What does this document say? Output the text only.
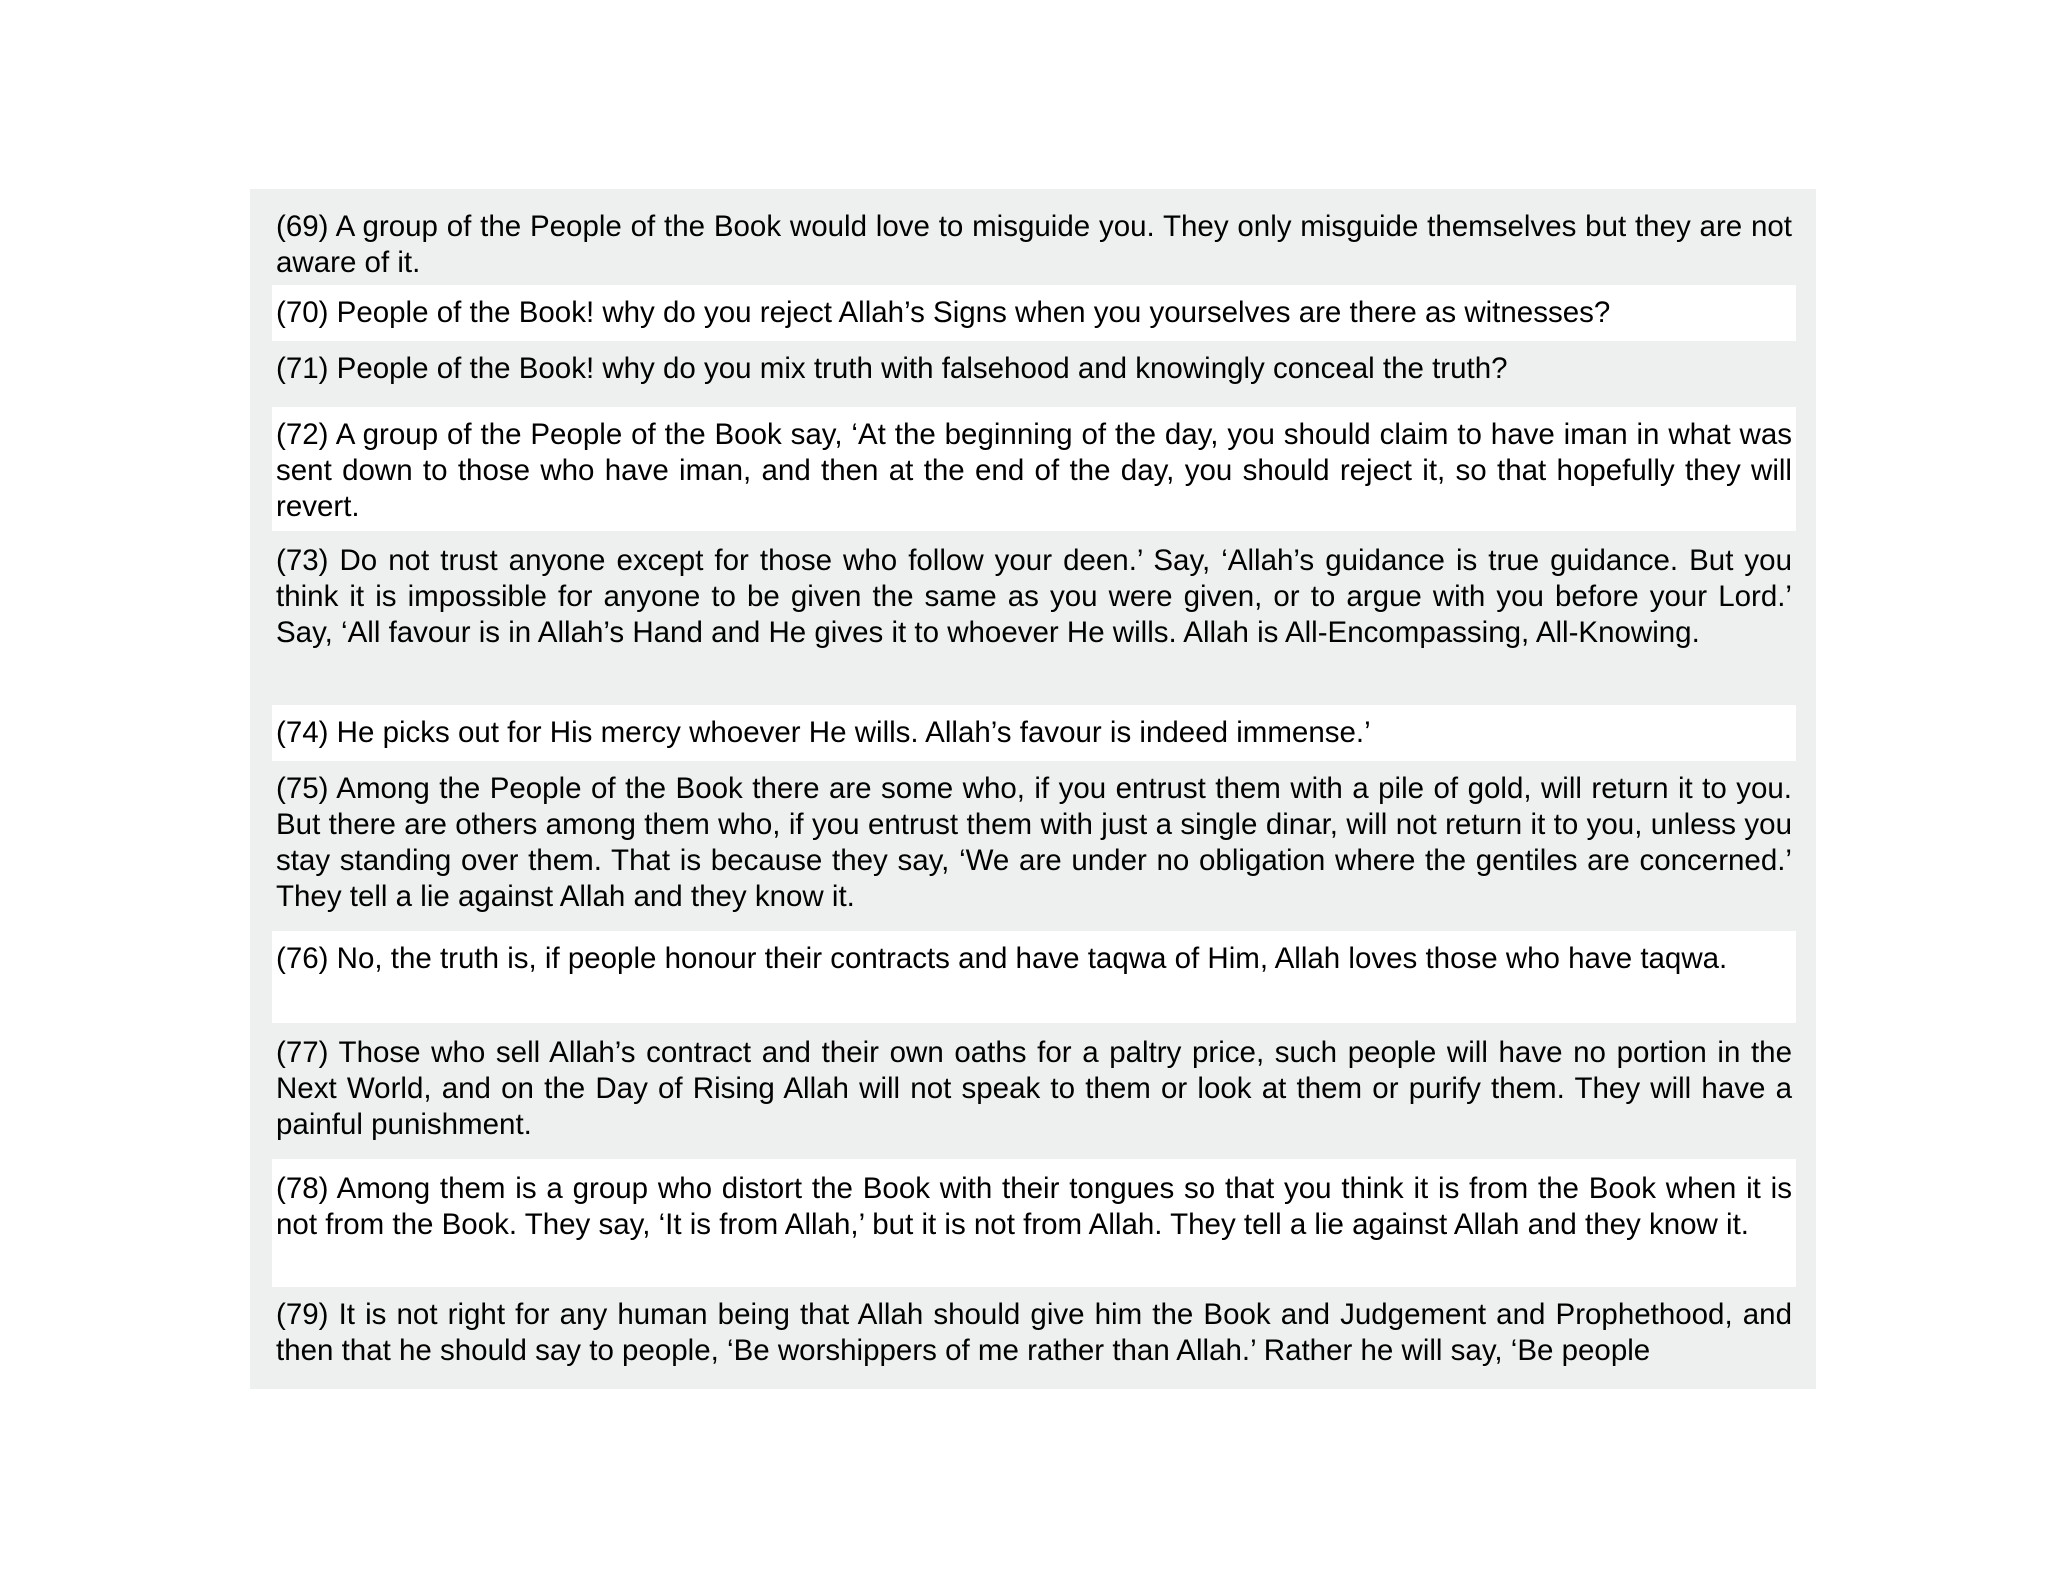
(69) A group of the People of the Book would love to misguide you. They only misguide themselves but they are not aware of it.
(70) People of the Book! why do you reject Allah’s Signs when you yourselves are there as witnesses?
(71) People of the Book! why do you mix truth with falsehood and knowingly conceal the truth?
(72) A group of the People of the Book say, ‘At the beginning of the day, you should claim to have iman in what was sent down to those who have iman, and then at the end of the day, you should reject it, so that hopefully they will revert.
(73) Do not trust anyone except for those who follow your deen.’ Say, ‘Allah’s guidance is true guidance. But you think it is impossible for anyone to be given the same as you were given, or to argue with you before your Lord.’ Say, ‘All favour is in Allah’s Hand and He gives it to whoever He wills. Allah is All-Encompassing, All-Knowing.
(74) He picks out for His mercy whoever He wills. Allah’s favour is indeed immense.’
(75) Among the People of the Book there are some who, if you entrust them with a pile of gold, will return it to you. But there are others among them who, if you entrust them with just a single dinar, will not return it to you, unless you stay standing over them. That is because they say, ‘We are under no obligation where the gentiles are concerned.’ They tell a lie against Allah and they know it.
(76) No, the truth is, if people honour their contracts and have taqwa of Him, Allah loves those who have taqwa.
(77) Those who sell Allah’s contract and their own oaths for a paltry price, such people will have no portion in the Next World, and on the Day of Rising Allah will not speak to them or look at them or purify them. They will have a painful punishment.
(78) Among them is a group who distort the Book with their tongues so that you think it is from the Book when it is not from the Book. They say, ‘It is from Allah,’ but it is not from Allah. They tell a lie against Allah and they know it.
(79) It is not right for any human being that Allah should give him the Book and Judgement and Prophethood, and then that he should say to people, ‘Be worshippers of me rather than Allah.’ Rather he will say, ‘Be people
